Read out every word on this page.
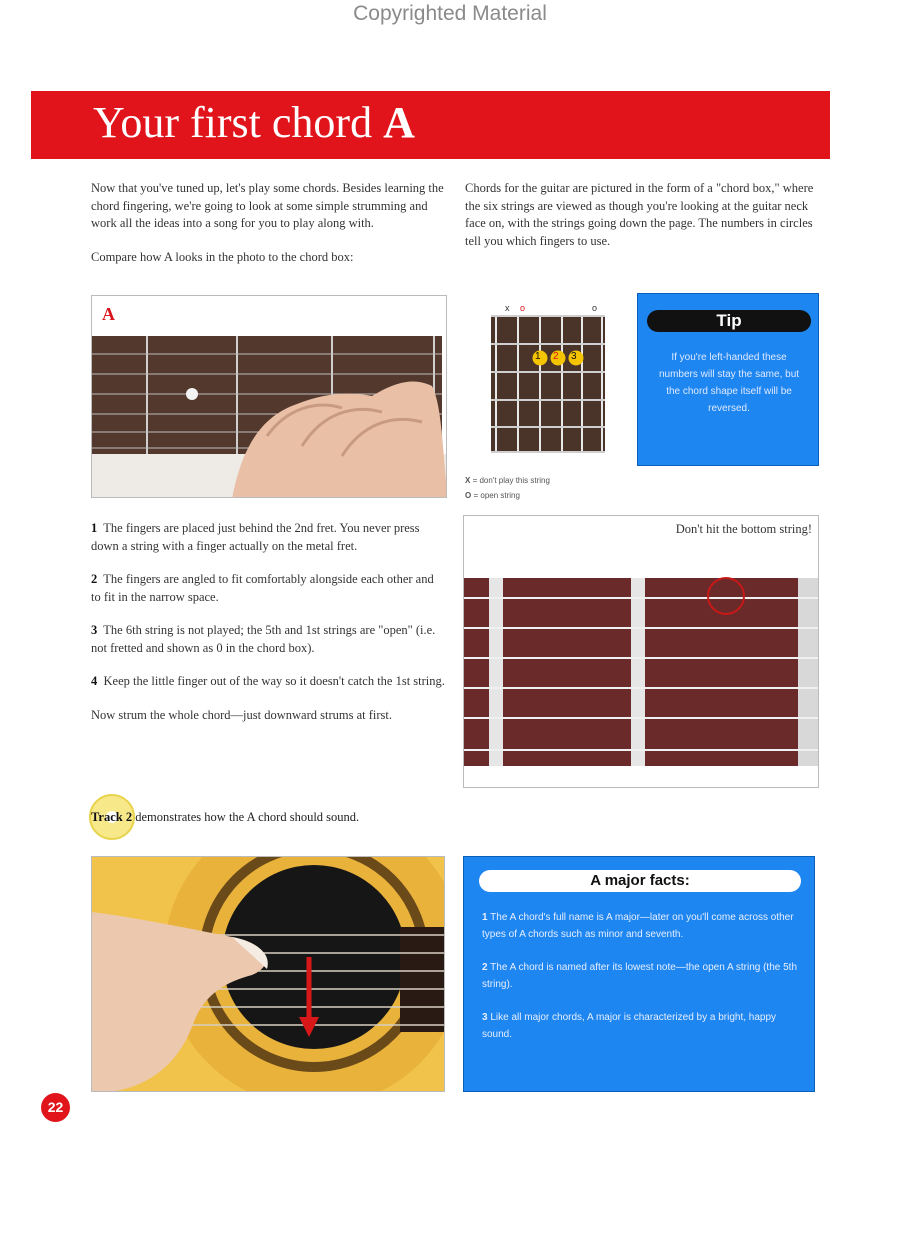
Copyrighted Material
Your first chord A

Now that you've tuned up, let's play some chords. Besides learning the chord fingering, we're going to look at some simple strumming and work all the ideas into a song for you to play along with.

Compare how A looks in the photo to the chord box:

Chords for the guitar are pictured in the form of a "chord box," where the six strings are viewed as though you're looking at the guitar neck face on, with the strings going down the page. The numbers in circles tell you which fingers to use.

A	x o	o
1 2 3
X = don't play this string
O = open string
Tip
If you're left-handed these numbers will stay the same, but the chord shape itself will be reversed.

1 The fingers are placed just behind the 2nd fret. You never press down a string with a finger actually on the metal fret.

2 The fingers are angled to fit comfortably alongside each other and to fit in the narrow space.

3 The 6th string is not played; the 5th and 1st strings are "open" (i.e. not fretted and shown as 0 in the chord box).

4 Keep the little finger out of the way so it doesn't catch the 1st string.

Now strum the whole chord—just downward strums at first.

Track 2 demonstrates how the A chord should sound.
Don't hit the bottom string!
A major facts:

1 The A chord's full name is A major—later on you'll come across other types of A chords such as minor and seventh.

2 The A chord is named after its lowest note—the open A string (the 5th string).

3 Like all major chords, A major is characterized by a bright, happy sound.

22
